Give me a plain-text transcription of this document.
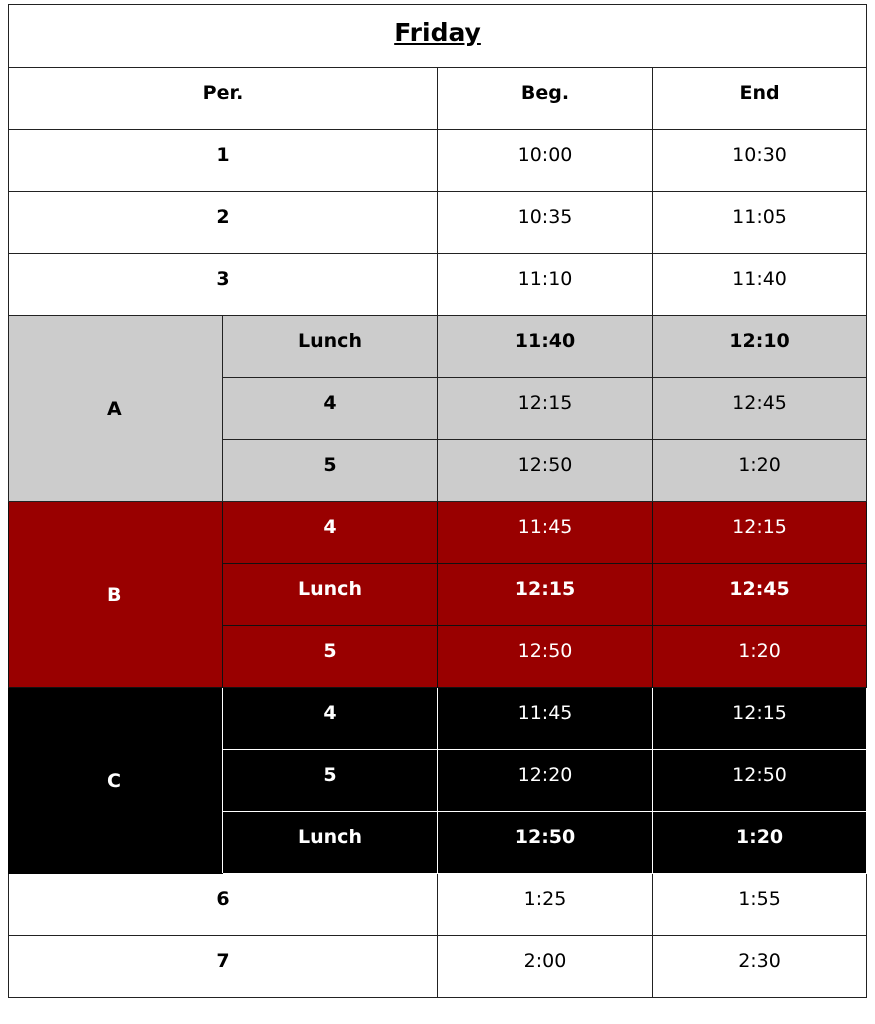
Friday			
Per.		Beg.	End
1		10:00	10:30
2		10:35	11:05
3		11:10	11:40
A	Lunch	11:40	12:10
	4	12:15	12:45
	5	12:50	1:20
B	4	11:45	12:15
	Lunch	12:15	12:45
	5	12:50	1:20
C	4	11:45	12:15
	5	12:20	12:50
	Lunch	12:50	1:20
6		1:25	1:55
7		2:00	2:30
